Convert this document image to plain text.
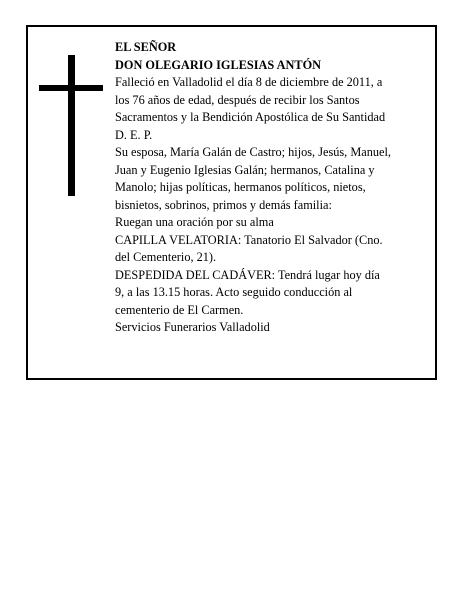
EL SEÑOR
DON OLEGARIO IGLESIAS ANTÓN
Falleció en Valladolid el día 8 de diciembre de 2011, a
los 76 años de edad, después de recibir los Santos
Sacramentos y la Bendición Apostólica de Su Santidad
D. E. P.
Su esposa, María Galán de Castro; hijos, Jesús, Manuel,
Juan y Eugenio Iglesias Galán; hermanos, Catalina y
Manolo; hijas políticas, hermanos políticos, nietos,
bisnietos, sobrinos, primos y demás familia:
Ruegan una oración por su alma
CAPILLA VELATORIA: Tanatorio El Salvador (Cno.
del Cementerio, 21).
DESPEDIDA DEL CADÁVER: Tendrá lugar hoy día
9, a las 13.15 horas. Acto seguido conducción al
cementerio de El Carmen.
Servicios Funerarios Valladolid
